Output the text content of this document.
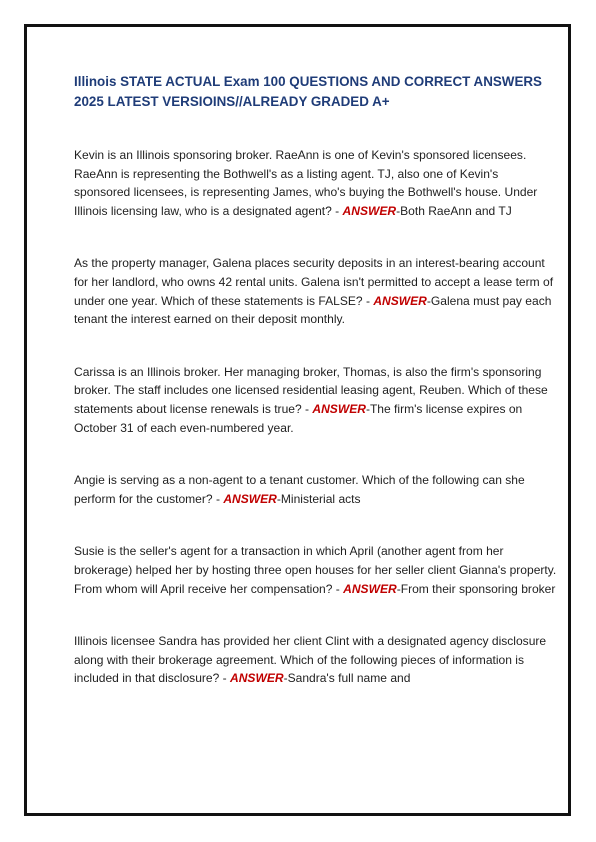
Illinois STATE ACTUAL Exam 100 QUESTIONS AND CORRECT ANSWERS 2025 LATEST VERSIOINS//ALREADY GRADED A+

Kevin is an Illinois sponsoring broker. RaeAnn is one of Kevin's sponsored licensees. RaeAnn is representing the Bothwell's as a listing agent. TJ, also one of Kevin's sponsored licensees, is representing James, who's buying the Bothwell's house. Under Illinois licensing law, who is a designated agent? - ANSWER-Both RaeAnn and TJ

As the property manager, Galena places security deposits in an interest-bearing account for her landlord, who owns 42 rental units. Galena isn't permitted to accept a lease term of under one year. Which of these statements is FALSE? - ANSWER-Galena must pay each tenant the interest earned on their deposit monthly.

Carissa is an Illinois broker. Her managing broker, Thomas, is also the firm's sponsoring broker. The staff includes one licensed residential leasing agent, Reuben. Which of these statements about license renewals is true? - ANSWER-The firm's license expires on October 31 of each even-numbered year.

Angie is serving as a non-agent to a tenant customer. Which of the following can she perform for the customer? - ANSWER-Ministerial acts

Susie is the seller's agent for a transaction in which April (another agent from her brokerage) helped her by hosting three open houses for her seller client Gianna's property. From whom will April receive her compensation? - ANSWER-From their sponsoring broker

Illinois licensee Sandra has provided her client Clint with a designated agency disclosure along with their brokerage agreement. Which of the following pieces of information is included in that disclosure? - ANSWER-Sandra's full name and
